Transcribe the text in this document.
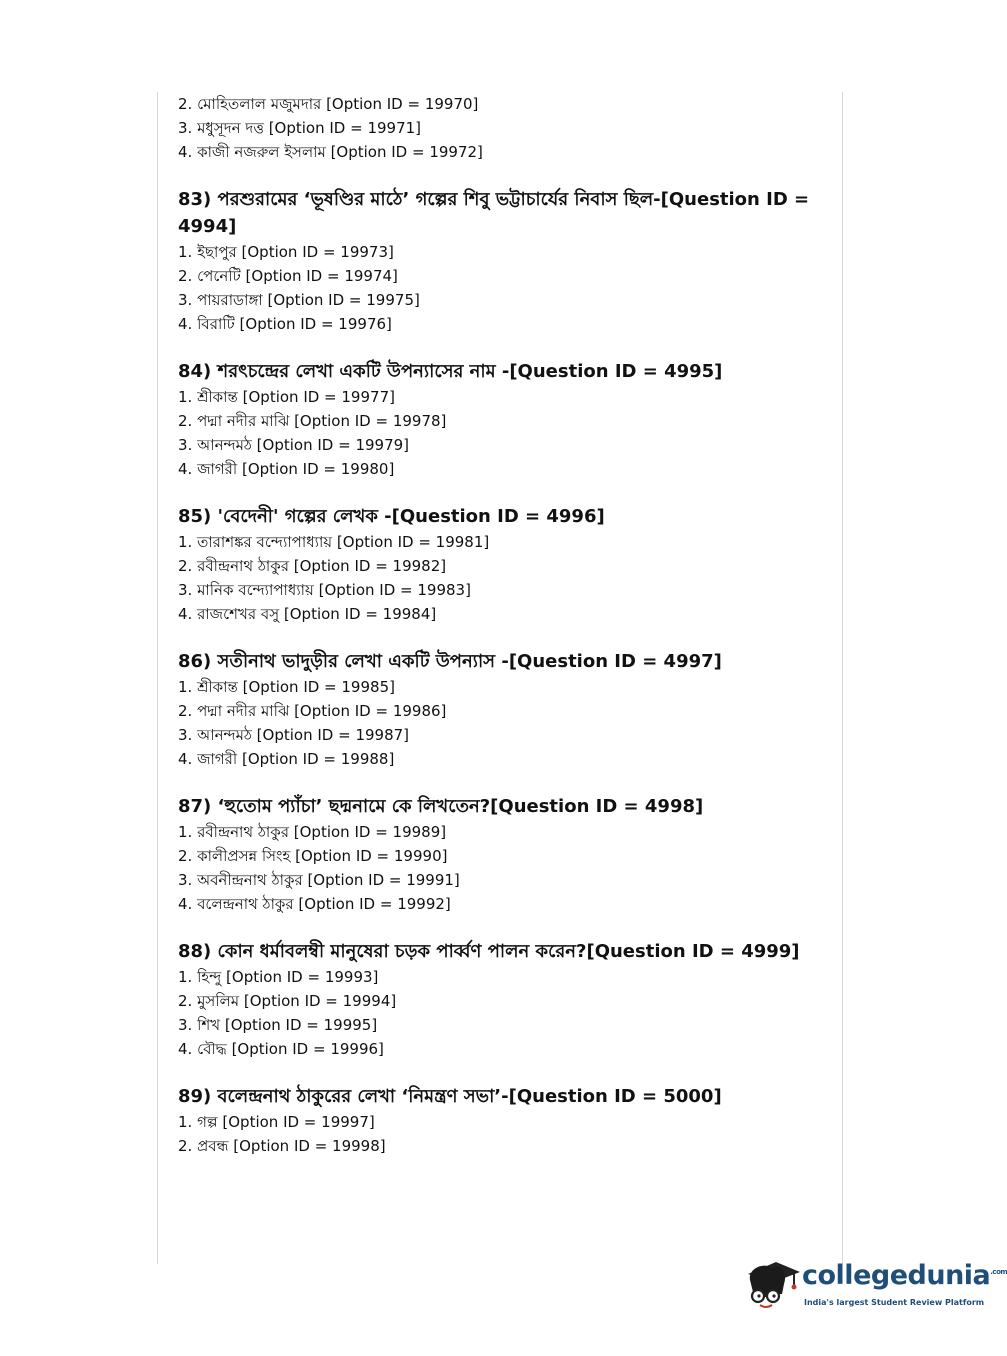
2. মোহিতলাল মজুমদার [Option ID = 19970]
3. মধুসূদন দত্ত [Option ID = 19971]
4. কাজী নজরুল ইসলাম [Option ID = 19972]
83) পরশুরামের ‘ভূষণ্ডির মাঠে’ গল্পের শিবু ভট্টাচার্যের নিবাস ছিল-[Question ID = 4994]
1. ইছাপুর [Option ID = 19973]
2. পেনেটি [Option ID = 19974]
3. পায়রাডাঙ্গা [Option ID = 19975]
4. বিরাটি [Option ID = 19976]
84) শরৎচন্দ্রের লেখা একটি উপন্যাসের নাম -[Question ID = 4995]
1. শ্রীকান্ত [Option ID = 19977]
2. পদ্মা নদীর মাঝি [Option ID = 19978]
3. আনন্দমঠ [Option ID = 19979]
4. জাগরী [Option ID = 19980]
85) 'বেদেনী' গল্পের লেখক -[Question ID = 4996]
1. তারাশঙ্কর বন্দ্যোপাধ্যায় [Option ID = 19981]
2. রবীন্দ্রনাথ ঠাকুর [Option ID = 19982]
3. মানিক বন্দ্যোপাধ্যায় [Option ID = 19983]
4. রাজশেখর বসু [Option ID = 19984]
86) সতীনাথ ভাদুড়ীর লেখা একটি উপন্যাস -[Question ID = 4997]
1. শ্রীকান্ত [Option ID = 19985]
2. পদ্মা নদীর মাঝি [Option ID = 19986]
3. আনন্দমঠ [Option ID = 19987]
4. জাগরী [Option ID = 19988]
87) ‘হুতোম প্যাঁচা’ ছদ্মনামে কে লিখতেন?[Question ID = 4998]
1. রবীন্দ্রনাথ ঠাকুর [Option ID = 19989]
2. কালীপ্রসন্ন সিংহ [Option ID = 19990]
3. অবনীন্দ্রনাথ ঠাকুর [Option ID = 19991]
4. বলেন্দ্রনাথ ঠাকুর [Option ID = 19992]
88) কোন ধর্মাবলম্বী মানুষেরা চড়ক পার্ব্বণ পালন করেন?[Question ID = 4999]
1. হিন্দু [Option ID = 19993]
2. মুসলিম [Option ID = 19994]
3. শিখ [Option ID = 19995]
4. বৌদ্ধ [Option ID = 19996]
89) বলেন্দ্রনাথ ঠাকুরের লেখা ‘নিমন্ত্রণ সভা’-[Question ID = 5000]
1. গল্প [Option ID = 19997]
2. প্রবন্ধ [Option ID = 19998]
collegedunia$^{.com}$
India's largest Student Review Platform
